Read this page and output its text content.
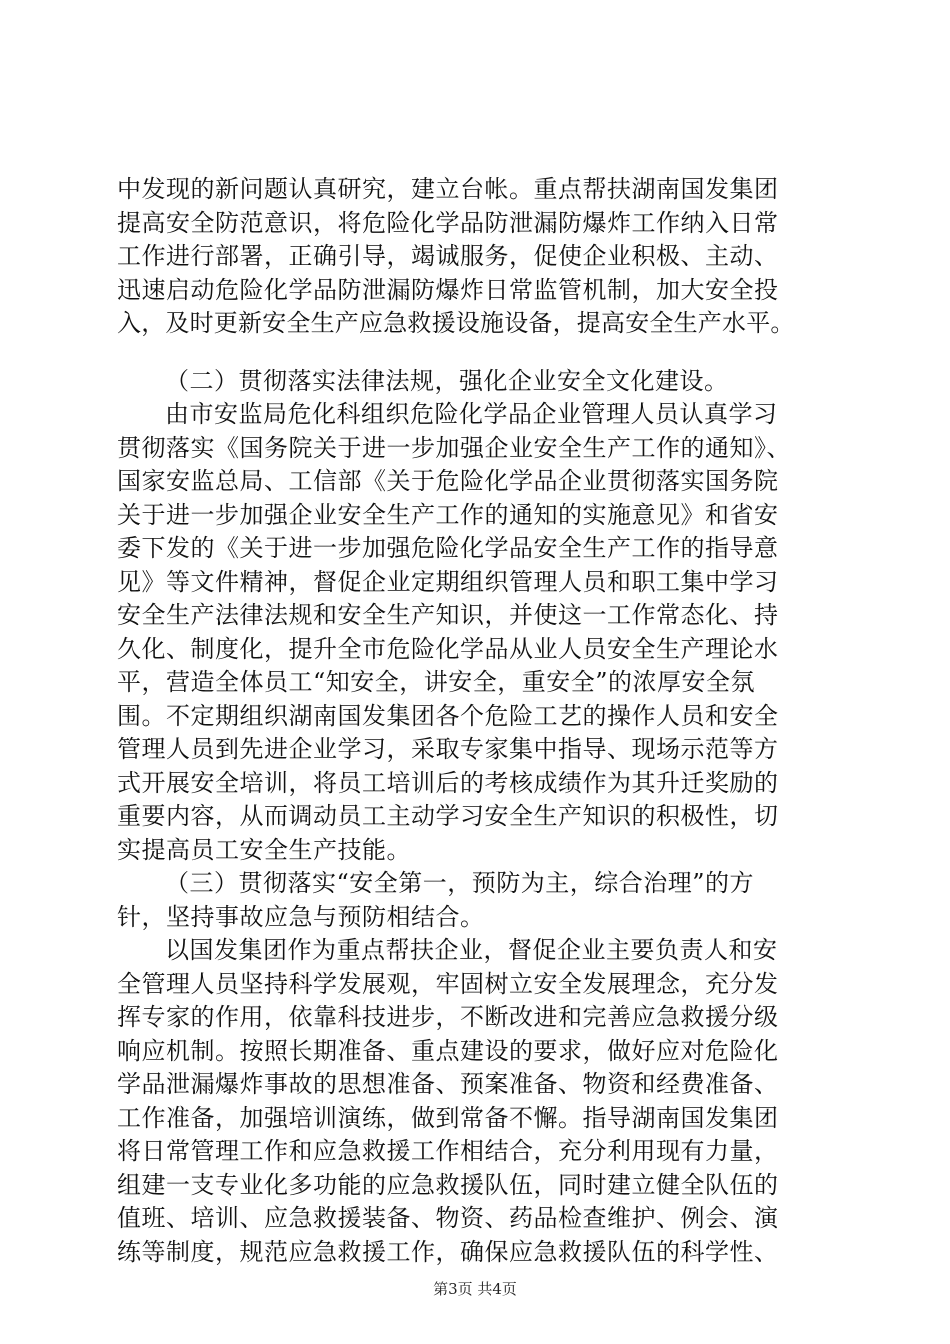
中发现的新问题认真研究，建立台帐。重点帮扶湖南国发集团
提高安全防范意识，将危险化学品防泄漏防爆炸工作纳入日常
工作进行部署，正确引导，竭诚服务，促使企业积极、主动、
迅速启动危险化学品防泄漏防爆炸日常监管机制，加大安全投
入，及时更新安全生产应急救援设施设备，提高安全生产水平。
（二）贯彻落实法律法规，强化企业安全文化建设。
由市安监局危化科组织危险化学品企业管理人员认真学习
贯彻落实《国务院关于进一步加强企业安全生产工作的通知》、
国家安监总局、工信部《关于危险化学品企业贯彻落实国务院
关于进一步加强企业安全生产工作的通知的实施意见》和省安
委下发的《关于进一步加强危险化学品安全生产工作的指导意
见》等文件精神，督促企业定期组织管理人员和职工集中学习
安全生产法律法规和安全生产知识，并使这一工作常态化、持
久化、制度化，提升全市危险化学品从业人员安全生产理论水
平，营造全体员工“知安全，讲安全，重安全”的浓厚安全氛
围。不定期组织湖南国发集团各个危险工艺的操作人员和安全
管理人员到先进企业学习，采取专家集中指导、现场示范等方
式开展安全培训，将员工培训后的考核成绩作为其升迁奖励的
重要内容，从而调动员工主动学习安全生产知识的积极性，切
实提高员工安全生产技能。
（三）贯彻落实“安全第一，预防为主，综合治理”的方
针，坚持事故应急与预防相结合。
以国发集团作为重点帮扶企业，督促企业主要负责人和安
全管理人员坚持科学发展观，牢固树立安全发展理念，充分发
挥专家的作用，依靠科技进步，不断改进和完善应急救援分级
响应机制。按照长期准备、重点建设的要求，做好应对危险化
学品泄漏爆炸事故的思想准备、预案准备、物资和经费准备、
工作准备，加强培训演练，做到常备不懈。指导湖南国发集团
将日常管理工作和应急救援工作相结合，充分利用现有力量，
组建一支专业化多功能的应急救援队伍，同时建立健全队伍的
值班、培训、应急救援装备、物资、药品检查维护、例会、演
练等制度，规范应急救援工作，确保应急救援队伍的科学性、
第3页 共4页
